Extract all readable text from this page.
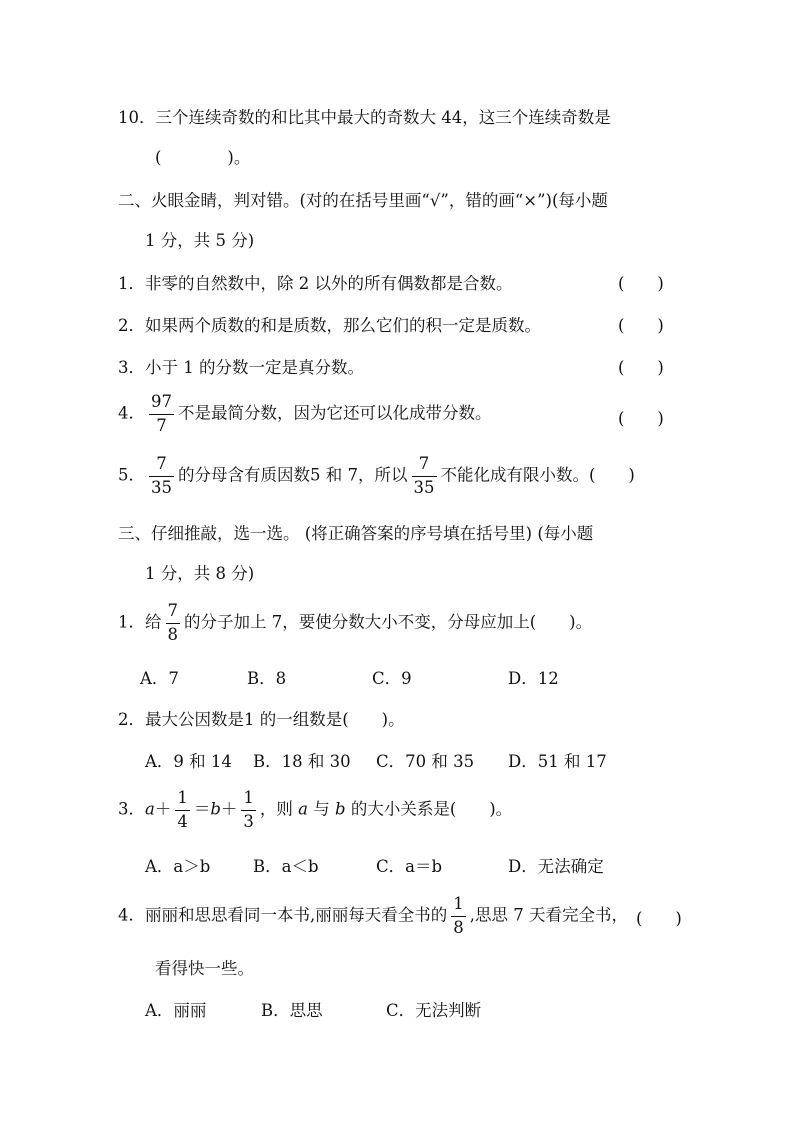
10．三个连续奇数的和比其中最大的奇数大 44，这三个连续奇数是
(　　　　)。
二、火眼金睛，判对错。(对的在括号里画“√”，错的画“×”)(每小题
1 分，共 5 分)
1．非零的自然数中，除 2 以外的所有偶数都是合数。	(　　)
2．如果两个质数的和是质数，那么它们的积一定是质数。	(　　)
3．小于 1 的分数一定是真分数。	(　　)
4． $\frac{97}{7}$ 不是最简分数，因为它还可以化成带分数。	(　　)
5． $\frac{7}{35}$ 的分母含有质因数5 和 7，所以 $\frac{7}{35}$ 不能化成有限小数。(　　)
三、仔细推敲，选一选。 (将正确答案的序号填在括号里) (每小题
1 分，共 8 分)
1．给 $\frac{7}{8}$ 的分子加上 7，要使分数大小不变，分母应加上(　　)。
A．7	B．8	C．9	D．12
2．最大公因数是1 的一组数是(　　)。
A．9 和 14 B．18 和 30 C．70 和 35 D．51 和 17
3．$a+ \frac{1}{4} =b+ \frac{1}{3}$ ，则 a 与 b 的大小关系是(　　)。
A．a＞b	B．a＜b	C．a＝b	D．无法确定
4．丽丽和思思看同一本书,丽丽每天看全书的 $\frac{1}{8}$ ,思思 7 天看完全书， (　　)
看得快一些。
A．丽丽	B．思思	C．无法判断
